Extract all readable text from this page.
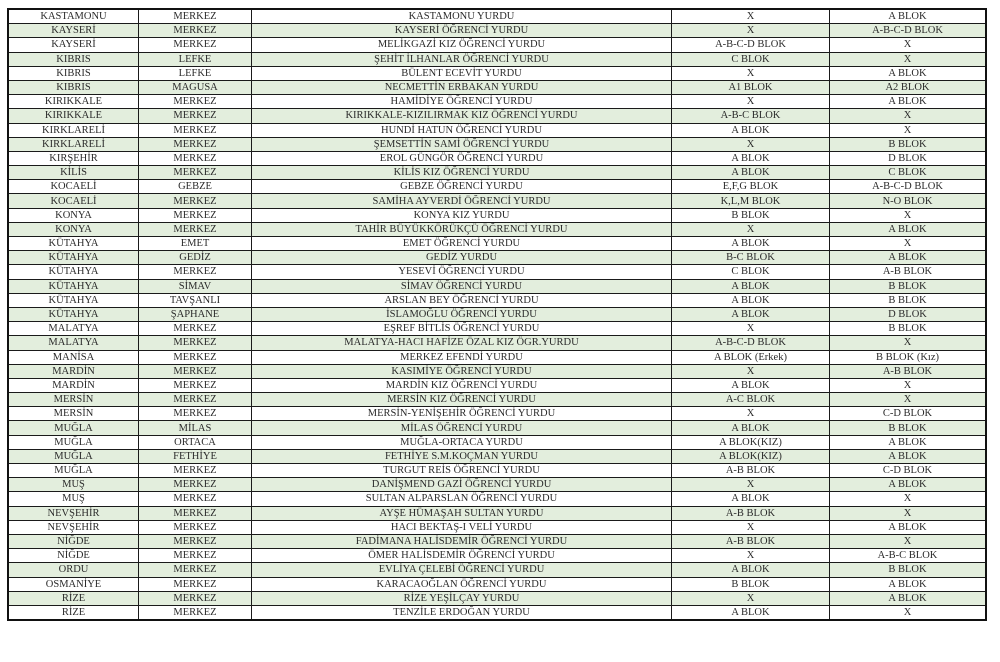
KASTAMONU	MERKEZ	KASTAMONU YURDU	X	A BLOK
KAYSERİ	MERKEZ	KAYSERİ ÖĞRENCİ YURDU	X	A-B-C-D BLOK
KAYSERİ	MERKEZ	MELİKGAZİ KIZ ÖĞRENCİ YURDU	A-B-C-D BLOK	X
KIBRIS	LEFKE	ŞEHİT İLHANLAR ÖĞRENCİ YURDU	C BLOK	X
KIBRIS	LEFKE	BÜLENT ECEVİT YURDU	X	A BLOK
KIBRIS	MAGUSA	NECMETTİN ERBAKAN YURDU	A1 BLOK	A2 BLOK
KIRIKKALE	MERKEZ	HAMİDİYE ÖĞRENCİ YURDU	X	A BLOK
KIRIKKALE	MERKEZ	KIRIKKALE-KIZILIRMAK KIZ ÖĞRENCİ YURDU	A-B-C BLOK	X
KIRKLARELİ	MERKEZ	HUNDİ HATUN ÖĞRENCİ YURDU	A BLOK	X
KIRKLARELİ	MERKEZ	ŞEMSETTİN SAMİ ÖĞRENCİ YURDU	X	B BLOK
KIRŞEHİR	MERKEZ	EROL GÜNGÖR ÖĞRENCİ YURDU	A BLOK	D BLOK
KİLİS	MERKEZ	KİLİS KIZ ÖĞRENCİ YURDU	A BLOK	C BLOK
KOCAELİ	GEBZE	GEBZE ÖĞRENCİ YURDU	E,F,G BLOK	A-B-C-D BLOK
KOCAELİ	MERKEZ	SAMİHA AYVERDİ ÖĞRENCİ YURDU	K,L,M BLOK	N-O BLOK
KONYA	MERKEZ	KONYA KIZ YURDU	B BLOK	X
KONYA	MERKEZ	TAHİR BÜYÜKKÖRÜKÇÜ ÖĞRENCİ YURDU	X	A BLOK
KÜTAHYA	EMET	EMET ÖĞRENCİ YURDU	A BLOK	X
KÜTAHYA	GEDİZ	GEDİZ YURDU	B-C BLOK	A BLOK
KÜTAHYA	MERKEZ	YESEVİ ÖĞRENCİ YURDU	C BLOK	A-B BLOK
KÜTAHYA	SİMAV	SİMAV ÖĞRENCİ YURDU	A BLOK	B BLOK
KÜTAHYA	TAVŞANLI	ARSLAN BEY ÖĞRENCİ YURDU	A BLOK	B BLOK
KÜTAHYA	ŞAPHANE	İSLAMOĞLU ÖĞRENCİ YURDU	A BLOK	D BLOK
MALATYA	MERKEZ	EŞREF BİTLİS ÖĞRENCİ YURDU	X	B BLOK
MALATYA	MERKEZ	MALATYA-HACI HAFİZE ÖZAL KIZ ÖGR.YURDU	A-B-C-D BLOK	X
MANİSA	MERKEZ	MERKEZ EFENDİ YURDU	A BLOK (Erkek)	B BLOK (Kız)
MARDİN	MERKEZ	KASIMİYE ÖĞRENCİ YURDU	X	A-B BLOK
MARDİN	MERKEZ	MARDİN KIZ ÖĞRENCİ YURDU	A BLOK	X
MERSİN	MERKEZ	MERSİN KIZ ÖĞRENCİ YURDU	A-C BLOK	X
MERSİN	MERKEZ	MERSİN-YENİŞEHİR ÖĞRENCİ YURDU	X	C-D BLOK
MUĞLA	MİLAS	MİLAS ÖĞRENCİ YURDU	A BLOK	B BLOK
MUĞLA	ORTACA	MUĞLA-ORTACA YURDU	A BLOK(KIZ)	A BLOK
MUĞLA	FETHİYE	FETHİYE S.M.KOÇMAN YURDU	A BLOK(KIZ)	A BLOK
MUĞLA	MERKEZ	TURGUT REİS ÖĞRENCİ YURDU	A-B BLOK	C-D BLOK
MUŞ	MERKEZ	DANİŞMEND GAZİ ÖĞRENCİ YURDU	X	A BLOK
MUŞ	MERKEZ	SULTAN ALPARSLAN ÖĞRENCİ YURDU	A BLOK	X
NEVŞEHİR	MERKEZ	AYŞE HÜMAŞAH SULTAN YURDU	A-B BLOK	X
NEVŞEHİR	MERKEZ	HACI BEKTAŞ-I VELİ YURDU	X	A BLOK
NİĞDE	MERKEZ	FADİMANA HALİSDEMİR ÖĞRENCİ YURDU	A-B BLOK	X
NİĞDE	MERKEZ	ÖMER HALİSDEMİR ÖĞRENCİ YURDU	X	A-B-C BLOK
ORDU	MERKEZ	EVLİYA ÇELEBİ ÖĞRENCİ YURDU	A BLOK	B BLOK
OSMANİYE	MERKEZ	KARACAOĞLAN ÖĞRENCİ YURDU	B BLOK	A BLOK
RİZE	MERKEZ	RİZE YEŞİLÇAY YURDU	X	A BLOK
RİZE	MERKEZ	TENZİLE ERDOĞAN YURDU	A BLOK	X
